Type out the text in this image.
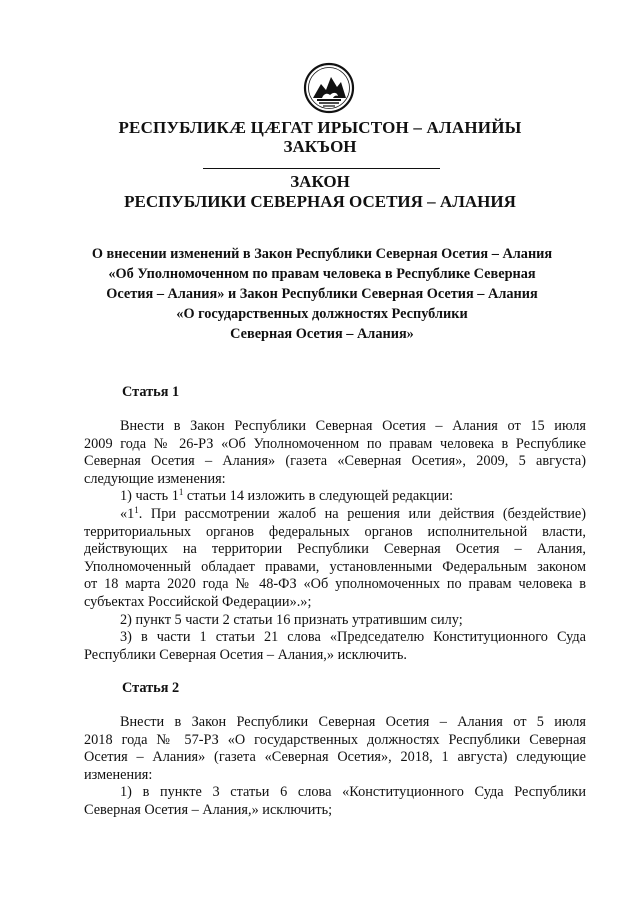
РЕСПУБЛИКӔ ЦӔГАТ ИРЫСТОН – АЛАНИЙЫ
ЗАКЪОН
ЗАКОН
РЕСПУБЛИКИ СЕВЕРНАЯ ОСЕТИЯ – АЛАНИЯ
О внесении изменений в Закон Республики Северная Осетия – Алания
«Об Уполномоченном по правам человека в Республике Северная
Осетия – Алания» и Закон Республики Северная Осетия – Алания
«О государственных должностях Республики
Северная Осетия – Алания»
Статья 1
Внести в Закон Республики Северная Осетия – Алания от 15 июля
2009 года № 26-РЗ «Об Уполномоченном по правам человека в Республике
Северная Осетия – Алания» (газета «Северная Осетия», 2009, 5 августа)
следующие изменения:
1) часть $1^1$ статьи 14 изложить в следующей редакции:
«$1^1$. При рассмотрении жалоб на решения или действия (бездействие)
территориальных органов федеральных органов исполнительной власти,
действующих на территории Республики Северная Осетия – Алания,
Уполномоченный обладает правами, установленными Федеральным законом
от 18 марта 2020 года № 48-ФЗ «Об уполномоченных по правам человека в
субъектах Российской Федерации».»;
2) пункт 5 части 2 статьи 16 признать утратившим силу;
3) в части 1 статьи 21 слова «Председателю Конституционного Суда
Республики Северная Осетия – Алания,» исключить.
Статья 2
Внести в Закон Республики Северная Осетия – Алания от 5 июля
2018 года № 57-РЗ «О государственных должностях Республики Северная
Осетия – Алания» (газета «Северная Осетия», 2018, 1 августа) следующие
изменения:
1) в пункте 3 статьи 6 слова «Конституционного Суда Республики
Северная Осетия – Алания,» исключить;
